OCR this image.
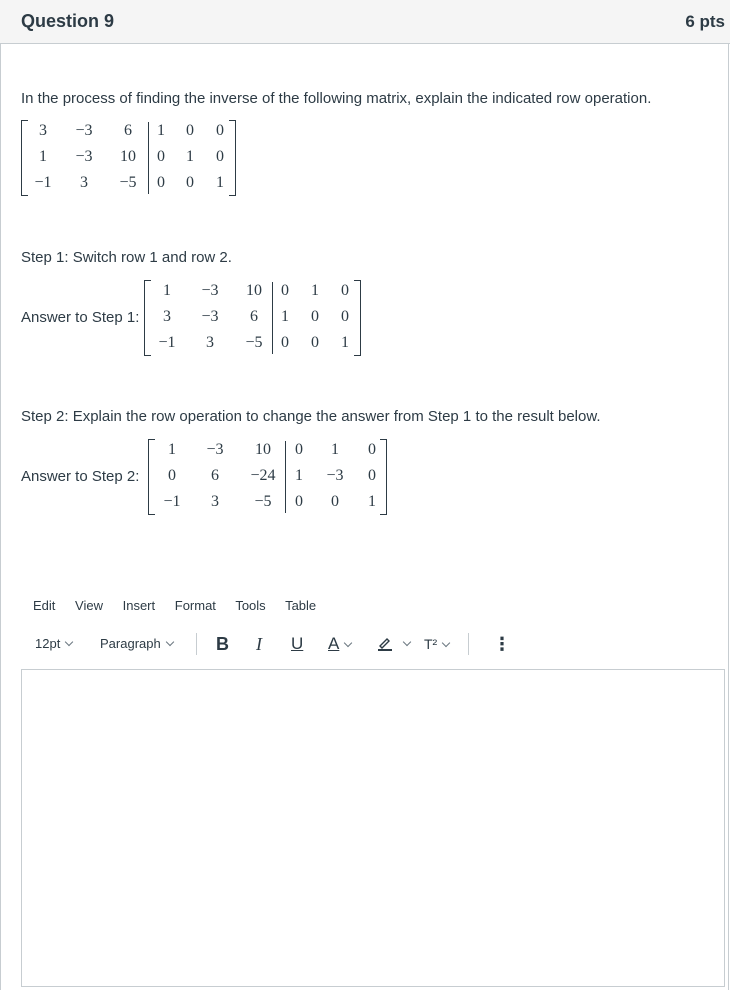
Question 9	6 pts
In the process of finding the inverse of the following matrix, explain the indicated row operation.
3	−3	6	1	0	0
1	−3	10	0	1	0
−1	3	−5	0	0	1
Step 1: Switch row 1 and row 2.
Answer to Step 1:
1	−3	10	0	1	0
3	−3	6	1	0	0
−1	3	−5	0	0	1
Step 2: Explain the row operation to change the answer from Step 1 to the result below.
Answer to Step 2:
1	−3	10	0	1	0
0	6	−24	1	−3	0
−1	3	−5	0	0	1
Edit View Insert Format Tools Table
12pt	Paragraph	B I U A
	T²	⋮
